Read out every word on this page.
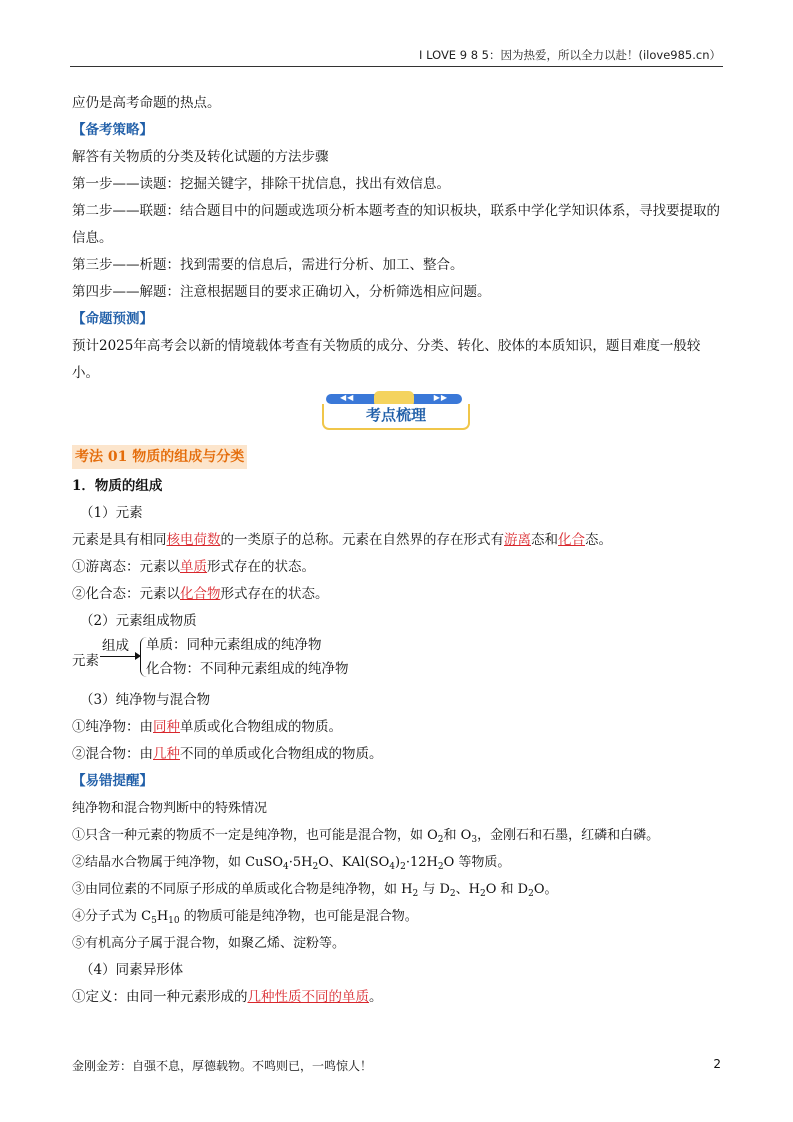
I LOVE 9 8 5：因为热爱，所以全力以赴！(ilove985.cn）
应仍是高考命题的热点。
【备考策略】
解答有关物质的分类及转化试题的方法步骤
第一步——读题：挖掘关键字，排除干扰信息，找出有效信息。
第二步——联题：结合题目中的问题或选项分析本题考查的知识板块，联系中学化学知识体系，寻找要提取的信息。
第三步——析题：找到需要的信息后，需进行分析、加工、整合。
第四步——解题：注意根据题目的要求正确切入，分析筛选相应问题。
【命题预测】
预计2025年高考会以新的情境载体考查有关物质的成分、分类、转化、胶体的本质知识，题目难度一般较小。
◀◀	▶▶
考点梳理
考法 01 物质的组成与分类
1．物质的组成
（1）元素
元素是具有相同核电荷数的一类原子的总称。元素在自然界的存在形式有游离态和化合态。
①游离态：元素以单质形式存在的状态。
②化合态：元素以化合物形式存在的状态。
（2）元素组成物质
元素
组成 单质：同种元素组成的纯净物
化合物：不同种元素组成的纯净物
（3）纯净物与混合物
①纯净物：由同种单质或化合物组成的物质。
②混合物：由几种不同的单质或化合物组成的物质。
【易错提醒】
纯净物和混合物判断中的特殊情况
①只含一种元素的物质不一定是纯净物，也可能是混合物，如 $O_2$和 $O_3$，金刚石和石墨，红磷和白磷。
②结晶水合物属于纯净物，如 $CuSO_4\cdot 5H_2O$、$KAl(SO_4)_2\cdot 12H_2O$ 等物质。
③由同位素的不同原子形成的单质或化合物是纯净物，如 $H_2$ 与 $D_2$、$H_2O$ 和 $D_2O$。
④分子式为 $C_5H_{10}$ 的物质可能是纯净物，也可能是混合物。
⑤有机高分子属于混合物，如聚乙烯、淀粉等。
（4）同素异形体
①定义：由同一种元素形成的几种性质不同的单质。
金刚金芳：自强不息，厚德载物。不鸣则已，一鸣惊人！	2
